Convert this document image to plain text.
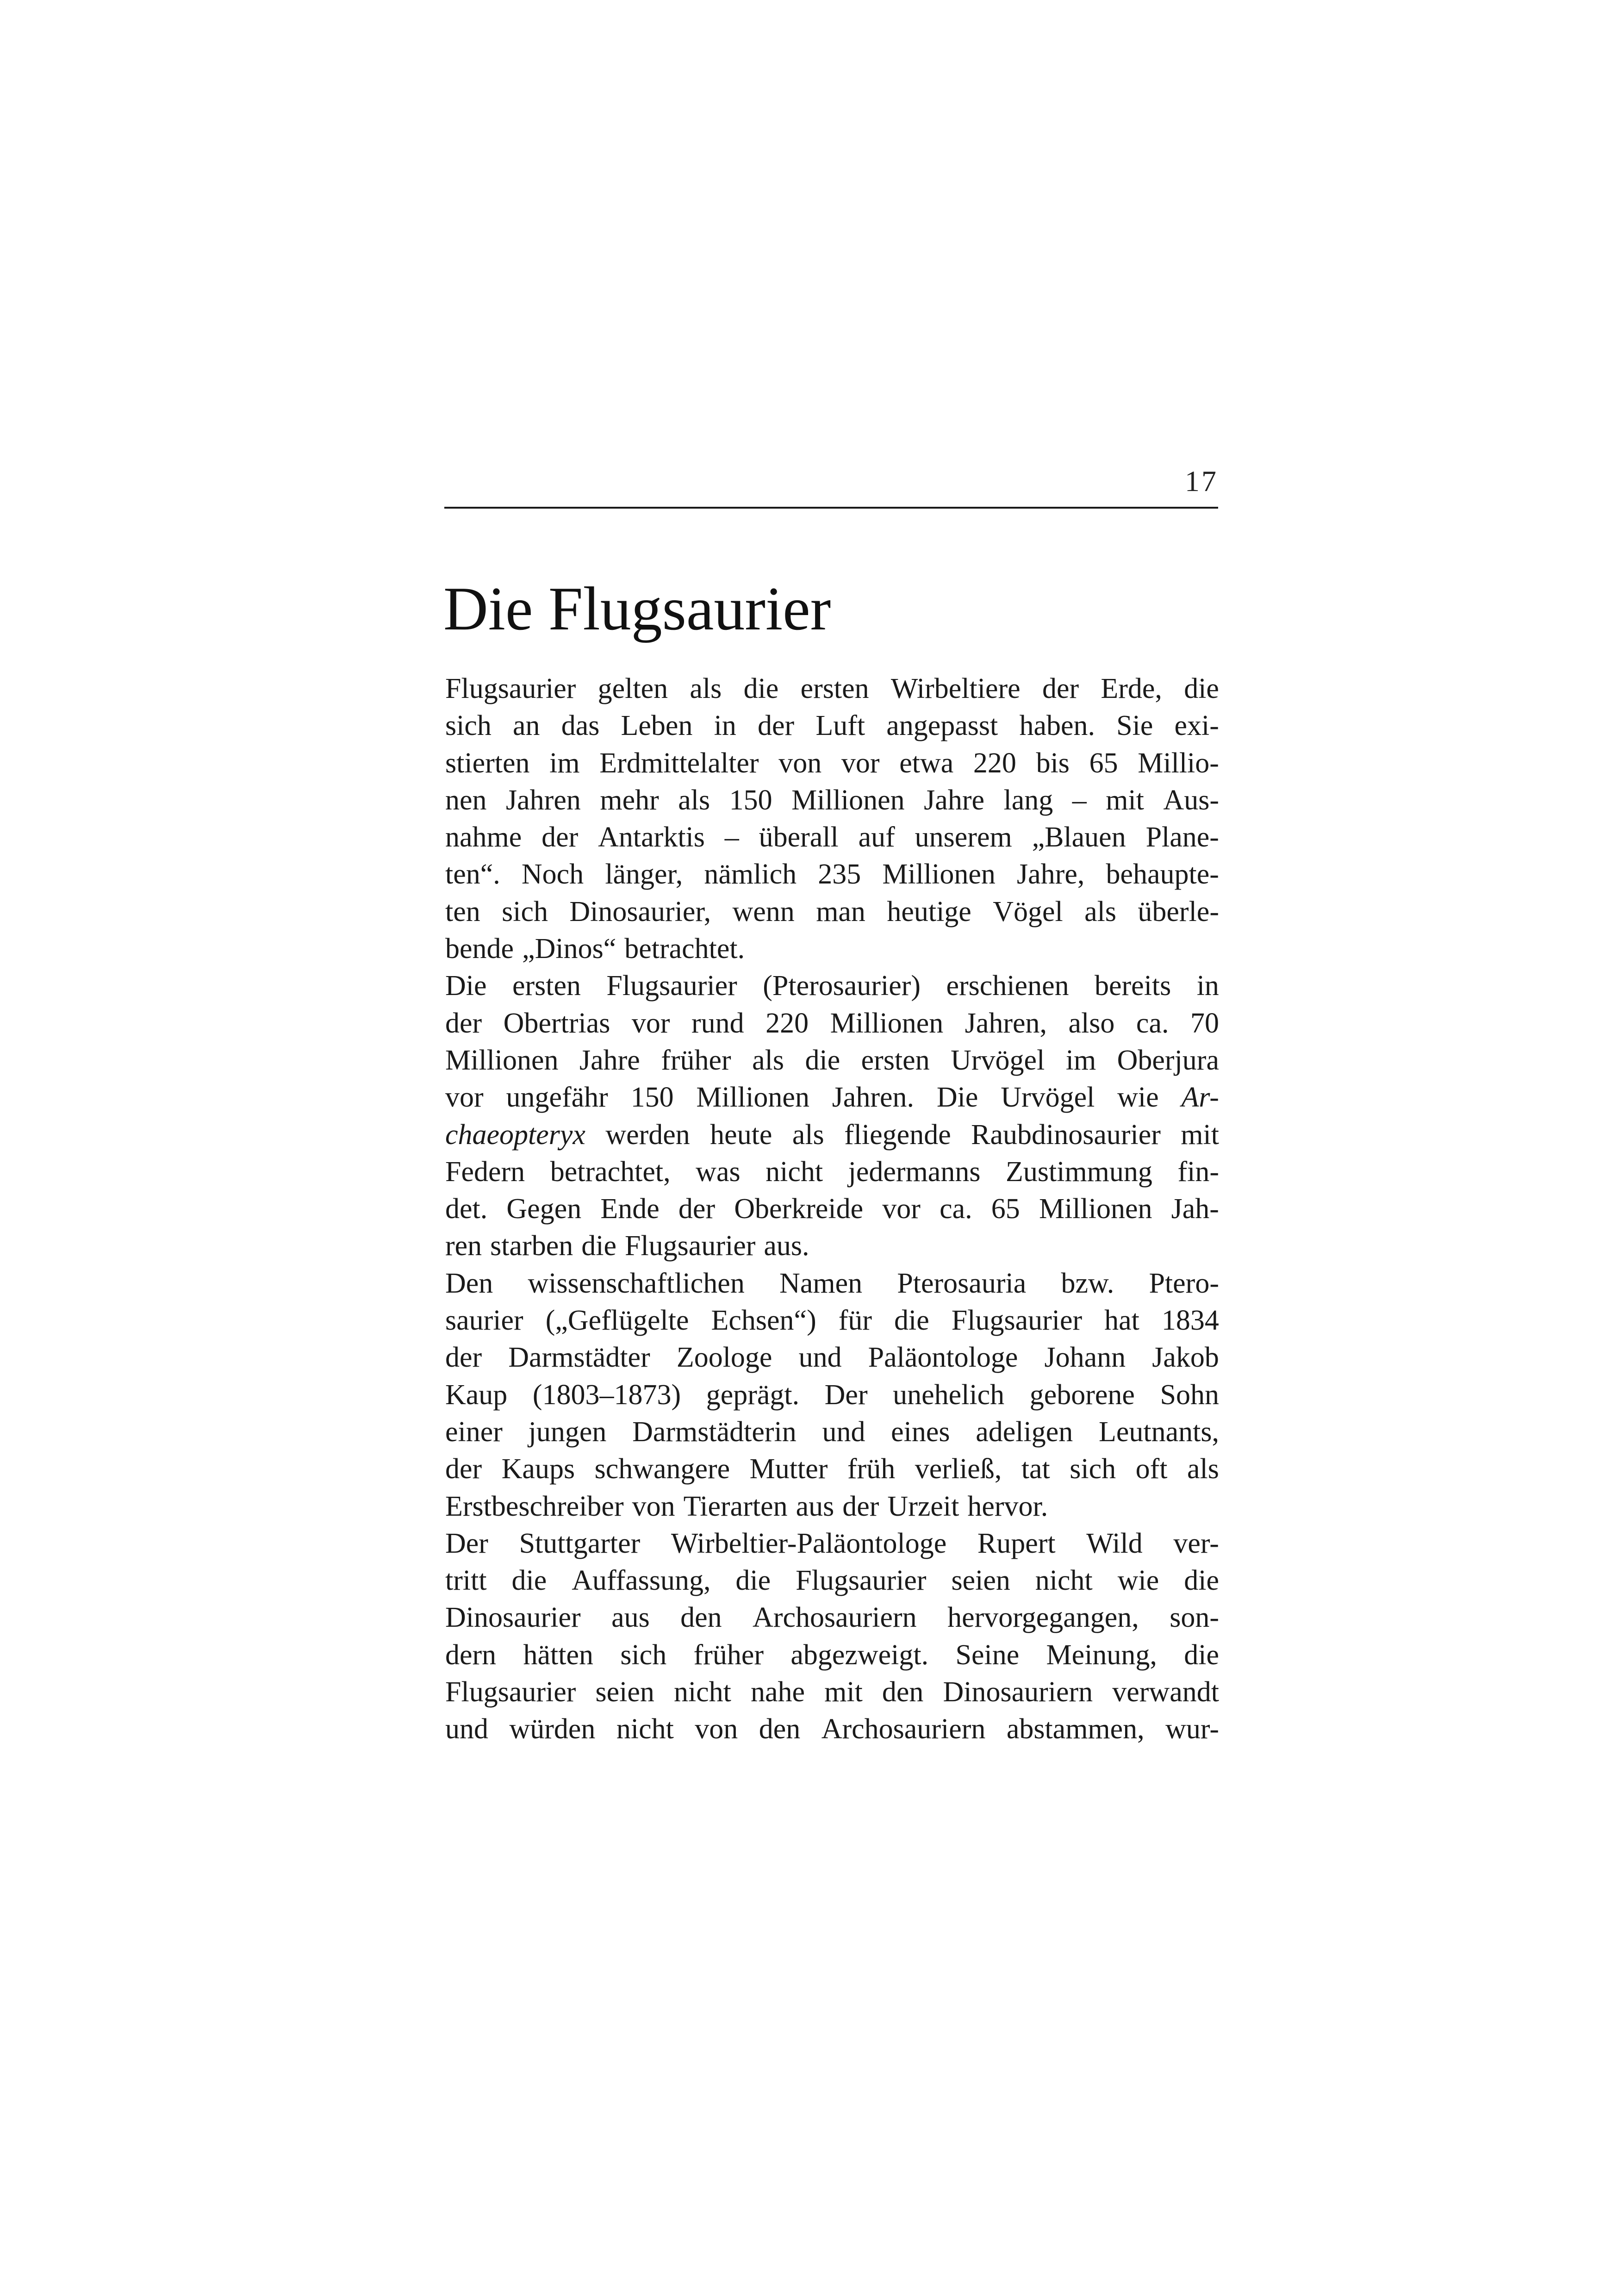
17
Die Flugsaurier
Flugsaurier gelten als die ersten Wirbeltiere der Erde, die
sich an das Leben in der Luft angepasst haben. Sie exi-
stierten im Erdmittelalter von vor etwa 220 bis 65 Millio-
nen Jahren mehr als 150 Millionen Jahre lang – mit Aus-
nahme der Antarktis – überall auf unserem „Blauen Plane-
ten“. Noch länger, nämlich 235 Millionen Jahre, behaupte-
ten sich Dinosaurier, wenn man heutige Vögel als überle-
bende „Dinos“ betrachtet.
Die ersten Flugsaurier (Pterosaurier) erschienen bereits in
der Obertrias vor rund 220 Millionen Jahren, also ca. 70
Millionen Jahre früher als die ersten Urvögel im Oberjura
vor ungefähr 150 Millionen Jahren. Die Urvögel wie Ar-
chaeopteryx werden heute als fliegende Raubdinosaurier mit
Federn betrachtet, was nicht jedermanns Zustimmung fin-
det. Gegen Ende der Oberkreide vor ca. 65 Millionen Jah-
ren starben die Flugsaurier aus.
Den wissenschaftlichen Namen Pterosauria bzw. Ptero-
saurier („Geflügelte Echsen“) für die Flugsaurier hat 1834
der Darmstädter Zoologe und Paläontologe Johann Jakob
Kaup (1803–1873) geprägt. Der unehelich geborene Sohn
einer jungen Darmstädterin und eines adeligen Leutnants,
der Kaups schwangere Mutter früh verließ, tat sich oft als
Erstbeschreiber von Tierarten aus der Urzeit hervor.
Der Stuttgarter Wirbeltier-Paläontologe Rupert Wild ver-
tritt die Auffassung, die Flugsaurier seien nicht wie die
Dinosaurier aus den Archosauriern hervorgegangen, son-
dern hätten sich früher abgezweigt. Seine Meinung, die
Flugsaurier seien nicht nahe mit den Dinosauriern verwandt
und würden nicht von den Archosauriern abstammen, wur-
